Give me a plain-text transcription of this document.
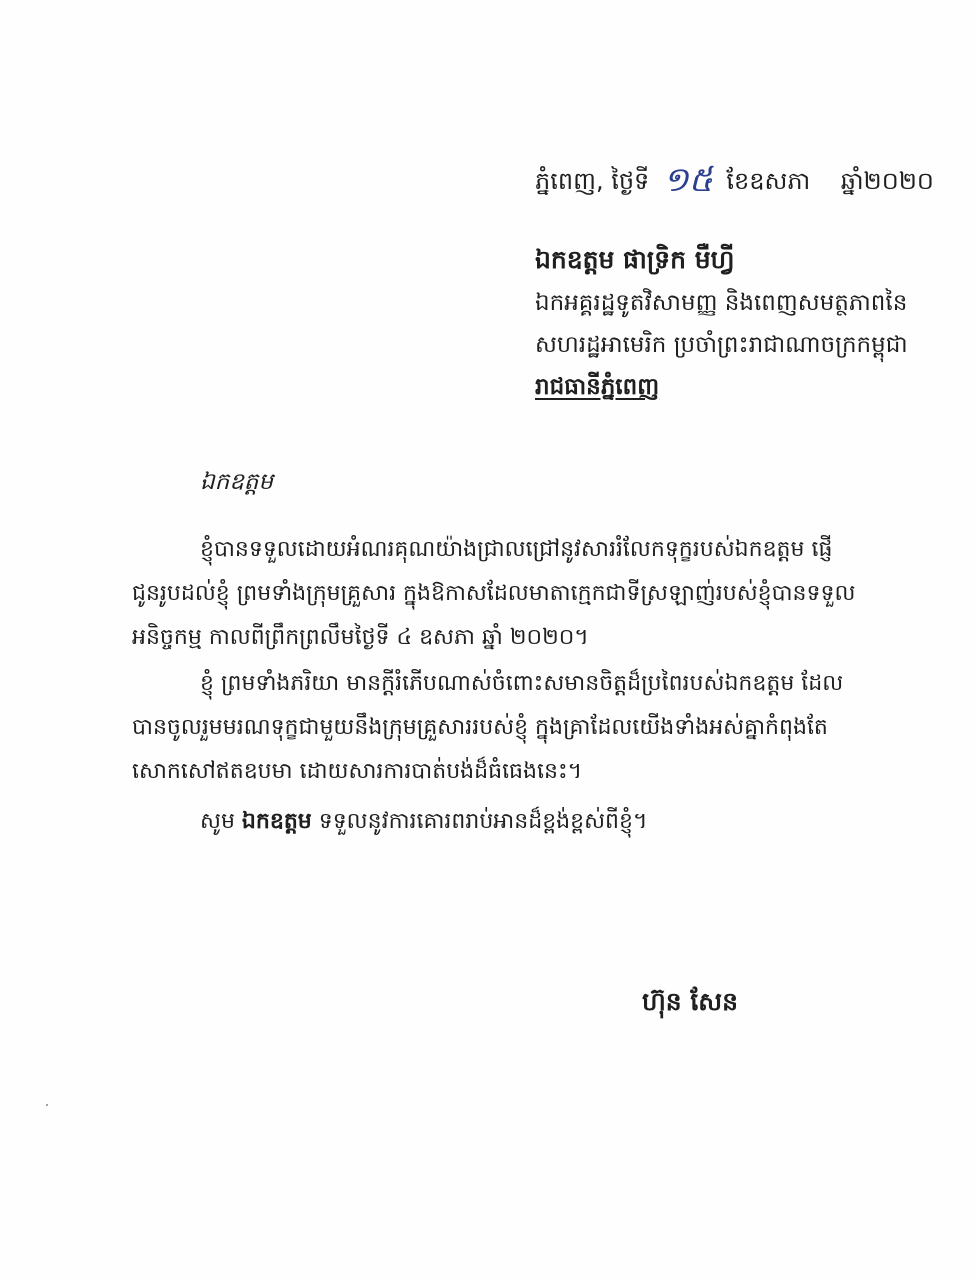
ភ្នំពេញ, ថ្ងៃទី ១៥ ខែឧសភា ឆ្នាំ២០២០
ឯកឧត្តម ផាទ្រិក មឺហ្វី
ឯកអគ្គរដ្ឋទូតវិសាមញ្ញ និងពេញសមត្ថភាពនៃ
សហរដ្ឋអាមេរិក ប្រចាំព្រះរាជាណាចក្រកម្ពុជា
រាជធានីភ្នំពេញ
ឯកឧត្តម
ខ្ញុំបានទទួលដោយអំណរគុណយ៉ាងជ្រាលជ្រៅនូវសាររំលែកទុក្ខរបស់ឯកឧត្តម ផ្ញើ
ជូនរូបដល់ខ្ញុំ ព្រមទាំងក្រុមគ្រួសារ ក្នុងឱកាសដែលមាតាក្មេកជាទីស្រឡាញ់របស់ខ្ញុំបានទទួល
អនិច្ចកម្ម កាលពីព្រឹកព្រលឹមថ្ងៃទី ៤ ឧសភា ឆ្នាំ ២០២០។
ខ្ញុំ ព្រមទាំងភរិយា មានក្ដីរំភើបណាស់ចំពោះសមានចិត្តដ៏ប្រពៃរបស់ឯកឧត្តម ដែល
បានចូលរួមមរណទុក្ខជាមួយនឹងក្រុមគ្រួសាររបស់ខ្ញុំ ក្នុងគ្រាដែលយើងទាំងអស់គ្នាកំពុងតែ
សោកសៅឥតឧបមា ដោយសារការបាត់បង់ដ៏ធំធេងនេះ។
សូម ឯកឧត្តម ទទួលនូវការគោរពរាប់អានដ៏ខ្ពង់ខ្ពស់ពីខ្ញុំ។
ហ៊ុន សែន
